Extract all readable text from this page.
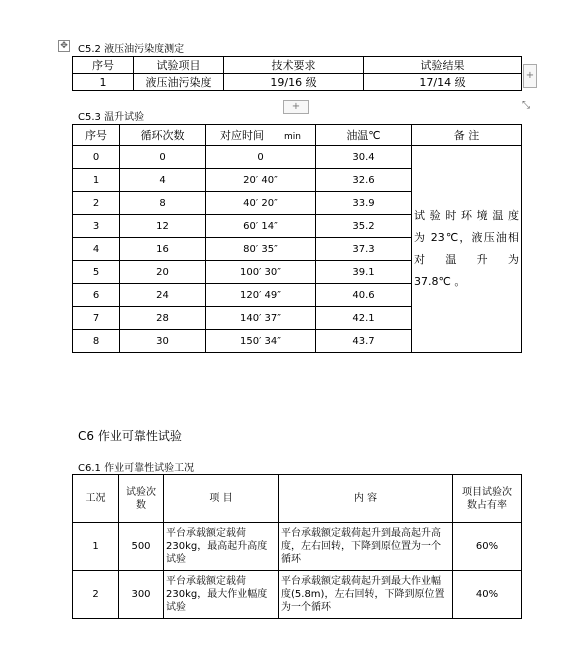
✥ C5.2 液压油污染度测定
序号	试验项目	技术要求	试验结果
1	液压油污染度	19/16 级	17/14 级
+
+	⤡
C5.3 温升试验
序号	循环次数	对应时间 min	油温℃	备 注
0	0	0	30.4	试验时环境温度
为 23℃，液压油相
对 温 升 为
37.8℃ 。

1	4	20′ 40″	32.6	
2	8	40′ 20″	33.9	
3	12	60′ 14″	35.2	
4	16	80′ 35″	37.3	
5	20	100′ 30″	39.1	
6	24	120′ 49″	40.6	
7	28	140′ 37″	42.1	
8	30	150′ 34″	43.7	
C6 作业可靠性试验
C6.1 作业可靠性试验工况
工况	试验次数	项 目	内 容	项目试验次数占有率

1	500	平台承载额定载荷230kg，最高起升高度试验	平台承载额定载荷起升到最高起升高度，左右回转，下降到原位置为一个循环	60%
2	300	平台承载额定载荷230kg，最大作业幅度试验	平台承载额定载荷起升到最大作业幅度(5.8m)，左右回转，下降到原位置为一个循环	40%
